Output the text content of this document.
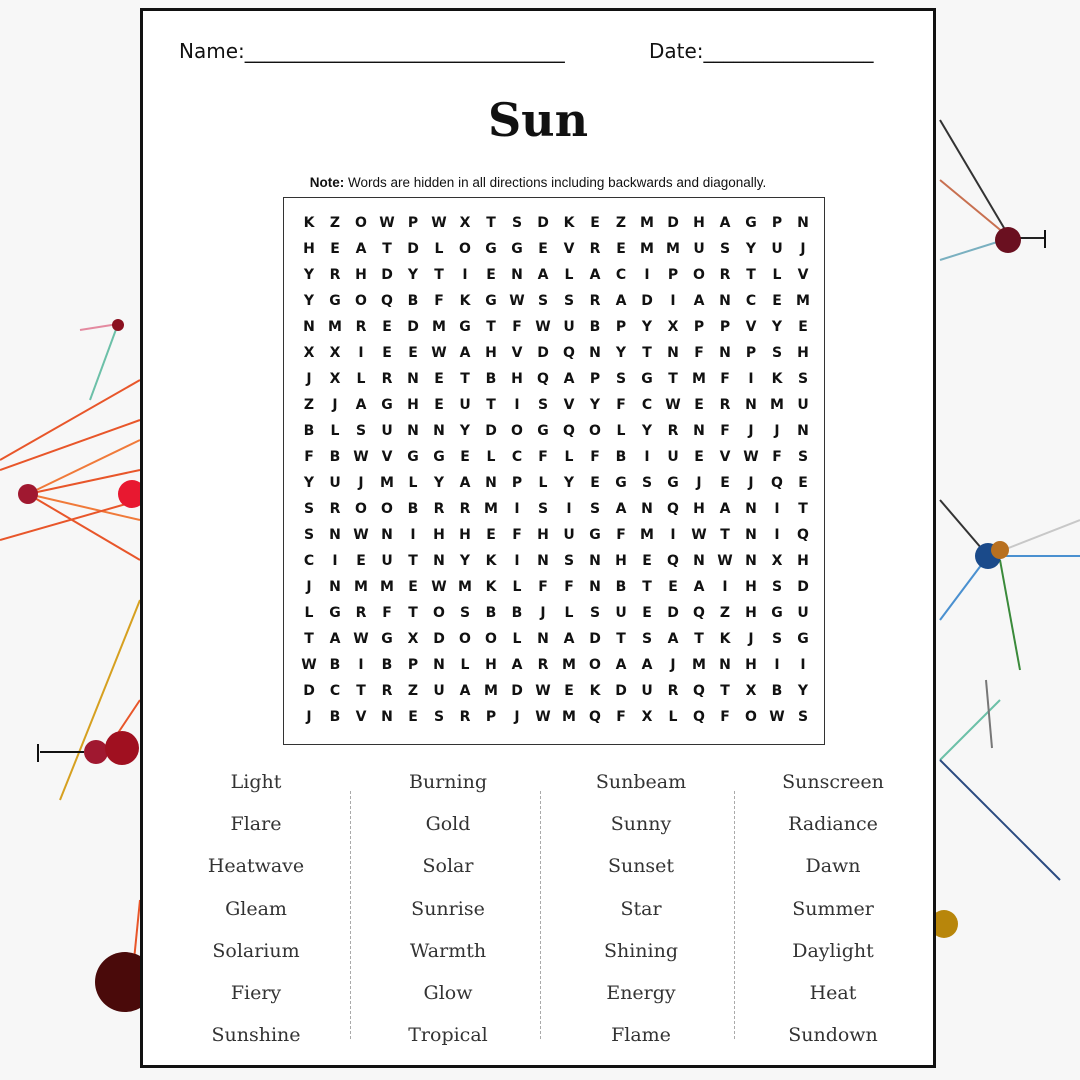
Name:________________________________	Date:_________________
Sun
Note: Words are hidden in all directions including backwards and diagonally.
K	Z	O W P W X	T	S	D	K	E	Z M D	H	A	G	P	N
H	E	A	T	D	L	O	G	G	E	V	R	E	M M U	S	Y	U	J
Y	R	H	D	Y	T	I	E	N	A	L	A	C	I	P	O	R	T	L	V
Y	G	O	Q	B	F	K	G W S	S	R	A	D	I	A	N	C	E	M
N M R	E	D M G	T	F W U	B	P	Y	X	P	P	V	Y	E
X	X	I	E	E W A	H	V	D	Q	N	Y	T	N	F	N	P	S	H
J	X	L	R	N	E	T	B	H	Q	A	P	S	G	T	M	F	I	K	S
Z	J	A	G	H	E	U	T	I	S	V	Y	F	C W E	R	N M U
B	L	S	U	N	N	Y	D	O	G	Q	O	L	Y	R	N	F	J	J	N
F	B W V	G	G	E	L	C	F	L	F	B	I	U	E	V W F	S
Y	U	J	M	L	Y	A	N	P	L	Y	E	G	S	G	J	E	J	Q	E
S	R	O	O	B	R	R M	I	S	I	S	A	N	Q	H	A	N	I	T
S	N W N	I	H	H	E	F	H	U	G	F	M	I	W T	N	I	Q
C	I	E	U	T	N	Y	K	I	N	S	N	H	E	Q	N W N	X	H
J	N M M	E W M K	L	F	F	N	B	T	E	A	I	H	S	D
L	G	R	F	T	O	S	B	B	J	L	S	U	E	D	Q	Z	H	G	U
T	A W G	X	D	O	O	L	N	A	D	T	S	A	T	K	J	S	G
W B	I	B	P	N	L	H	A	R M O	A	A	J	M N	H	I	I
D	C	T	R	Z	U	A M D W E	K	D	U	R	Q	T	X	B	Y
J	B	V	N	E	S	R	P	J	W M Q	F	X	L	Q	F	O W S
Light
Flare
Heatwave
Gleam
Solarium
Fiery
Sunshine
Burning
Gold
Solar
Sunrise
Warmth
Glow
Tropical
Sunbeam
Sunny
Sunset
Star
Shining
Energy
Flame
Sunscreen
Radiance
Dawn
Summer
Daylight
Heat
Sundown
